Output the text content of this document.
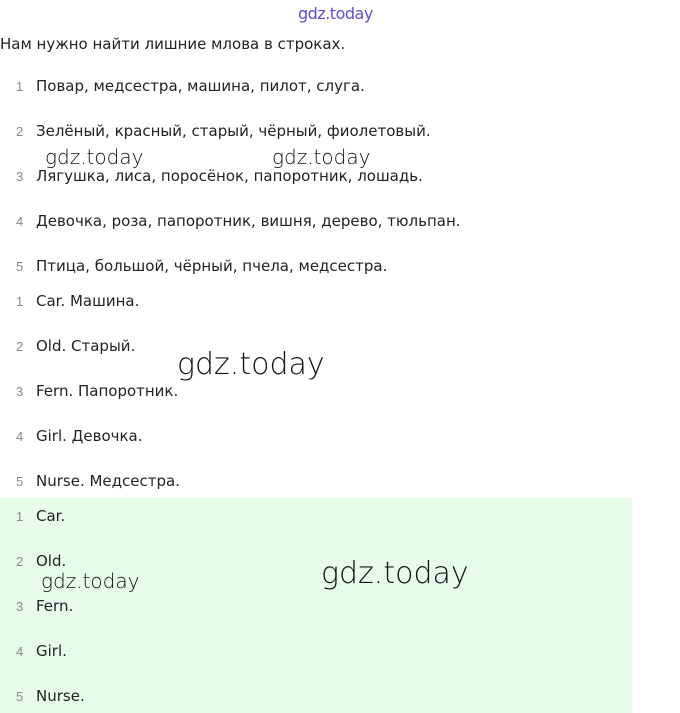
gdz.today
Нам нужно найти лишние млова в строках.
1 Повар, медсестра, машина, пилот, слуга.
2 Зелёный, красный, старый, чёрный, фиолетовый.
3 Лягушка, лиса, поросёнок, папоротник, лошадь.
4 Девочка, роза, папоротник, вишня, дерево, тюльпан.
5 Птица, большой, чёрный, пчела, медсестра.
1 Car. Машина.
2 Old. Старый.
3 Fern. Папоротник.
4 Girl. Девочка.
5 Nurse. Медсестра.
1 Car.
2 Old.
3 Fern.
4 Girl.
5 Nurse.
gdz.today	gdz.today
gdz.today
gdz.today	gdz.today
